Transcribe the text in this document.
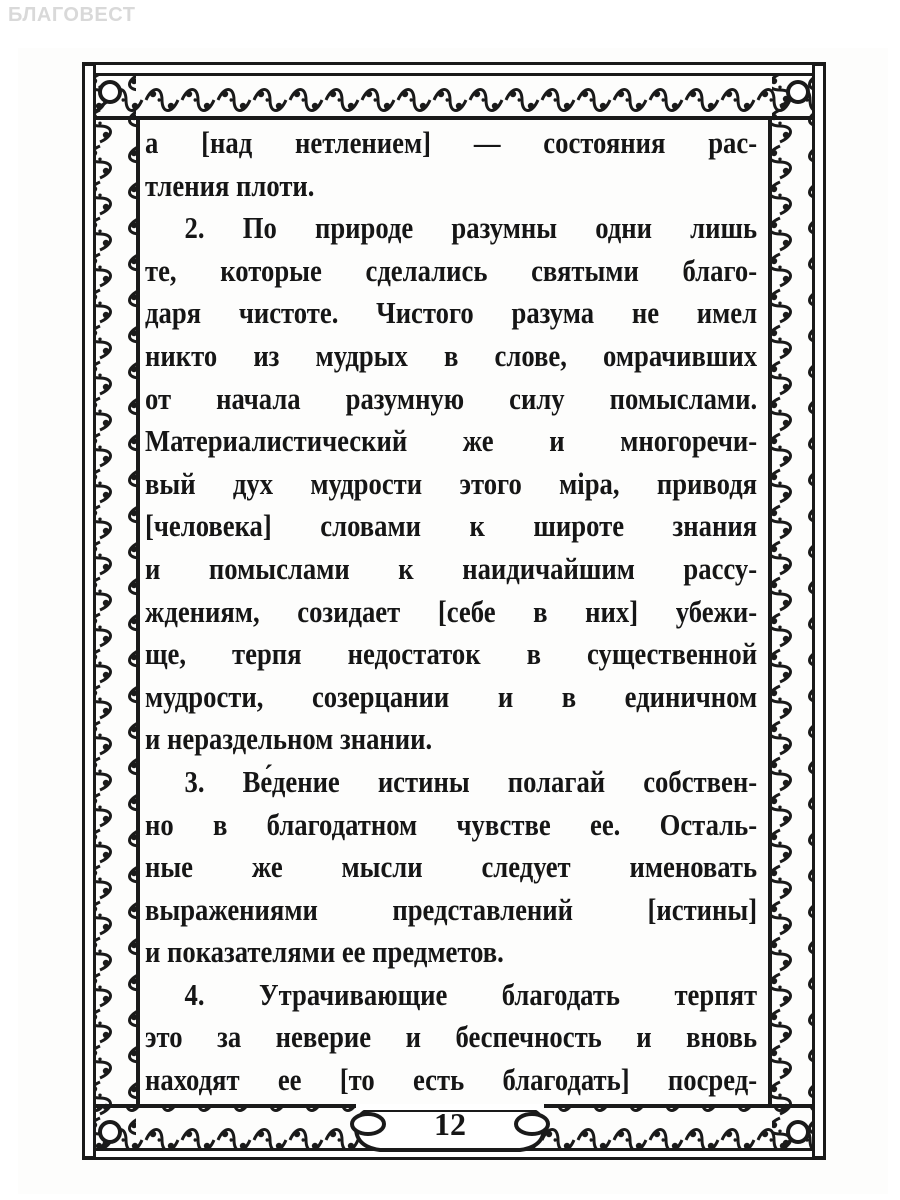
БЛАГОВЕСТ
а [над нетлением] — состояния рас-
тления плоти.
2. По природе разумны одни лишь
те, которые сделались святыми благо-
даря чистоте. Чистого разума не имел
никто из мудрых в слове, омрачивших
от начала разумную силу помыслами.
Материалистический же и многоречи-
вый дух мудрости этого міра, приводя
[человека] словами к широте знания
и помыслами к наидичайшим рассу-
ждениям, созидает [себе в них] убежи-
ще, терпя недостаток в существенной
мудрости, созерцании и в единичном
и нераздельном знании.
3. Ве́дение истины полагай собствен-
но в благодатном чувстве ее. Осталь-
ные же мысли следует именовать
выражениями представлений [истины]
и показателями ее предметов.
4. Утрачивающие благодать терпят
это за неверие и беспечность и вновь
находят ее [то есть благодать] посред-
12
